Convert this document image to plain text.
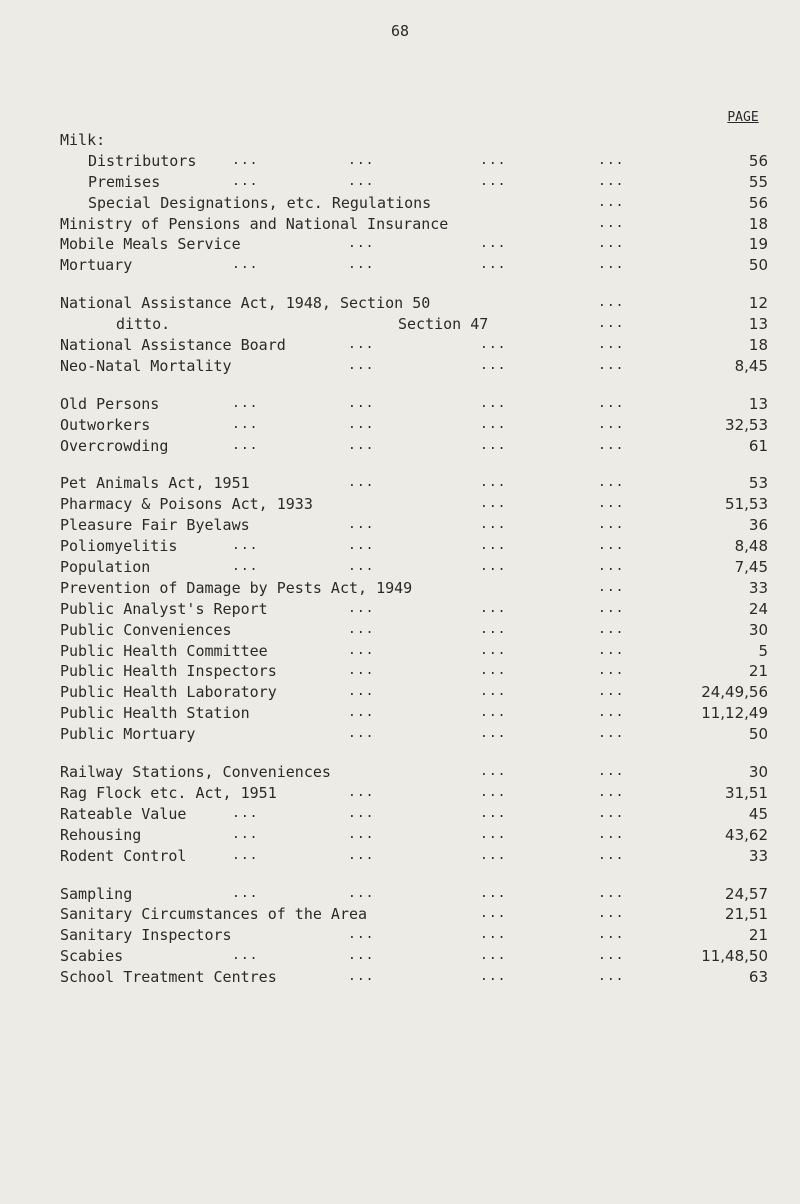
68
PAGE
Milk:
Distributors	...	...	...	...	56
Premises	...	...	...	...	55
Special Designations, etc. Regulations	...	56
Ministry of Pensions and National Insurance	...	18
Mobile Meals Service	...	...	...	19
Mortuary	...	...	...	...	50
National Assistance Act, 1948, Section 50	...	12
ditto.	Section 47	...	13
National Assistance Board	...	...	...	18
Neo-Natal Mortality	...	...	...	8,45
Old Persons	...	...	...	...	13
Outworkers	...	...	...	...	32,53
Overcrowding	...	...	...	...	61
Pet Animals Act, 1951	...	...	...	53
Pharmacy & Poisons Act, 1933	...	...	51,53
Pleasure Fair Byelaws	...	...	...	36
Poliomyelitis	...	...	...	...	8,48
Population	...	...	...	...	7,45
Prevention of Damage by Pests Act, 1949	...	33
Public Analyst's Report	...	...	...	24
Public Conveniences	...	...	...	30
Public Health Committee	...	...	...	5
Public Health Inspectors	...	...	...	21
Public Health Laboratory	...	...	...	24,49,56
Public Health Station	...	...	...	11,12,49
Public Mortuary	...	...	...	50
Railway Stations, Conveniences	...	...	30
Rag Flock etc. Act, 1951	...	...	...	31,51
Rateable Value	...	...	...	...	45
Rehousing	...	...	...	...	43,62
Rodent Control	...	...	...	...	33
Sampling	...	...	...	...	24,57
Sanitary Circumstances of the Area	...	...	21,51
Sanitary Inspectors	...	...	...	21
Scabies	...	...	...	...	11,48,50
School Treatment Centres	...	...	...	63
